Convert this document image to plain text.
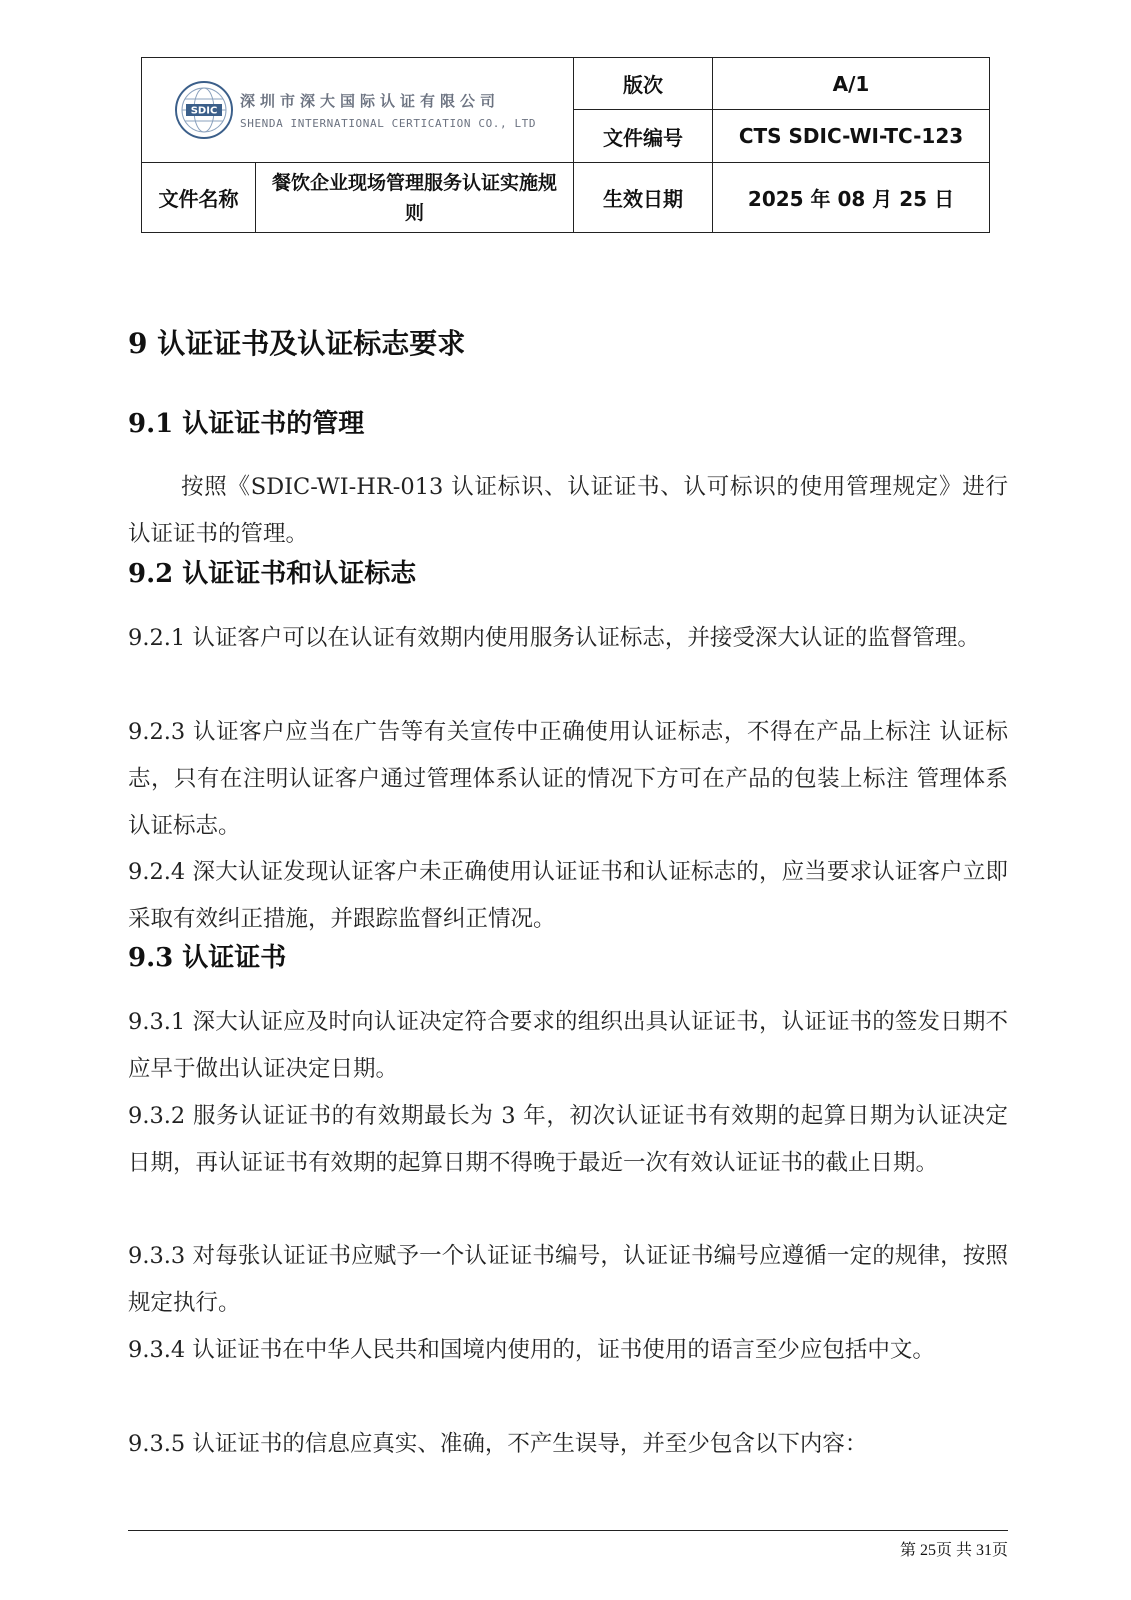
SDIC
深圳市深大国际认证有限公司
SHENDA INTERNATIONAL CERTICATION CO., LTD		版次	A/1
		文件编号	CTS SDIC-WI-TC-123
文件名称	餐饮企业现场管理服务认证实施规则	生效日期	2025 年 08 月 25 日
9 认证证书及认证标志要求
9.1 认证证书的管理

按照《SDIC-WI-HR-013 认证标识、认证证书、认可标识的使用管理规定》进行认证证书的管理。

9.2 认证证书和认证标志

9.2.1 认证客户可以在认证有效期内使用服务认证标志，并接受深大认证的监督管理。

9.2.3 认证客户应当在广告等有关宣传中正确使用认证标志，不得在产品上标注 认证标志，只有在注明认证客户通过管理体系认证的情况下方可在产品的包装上标注 管理体系认证标志。

9.2.4 深大认证发现认证客户未正确使用认证证书和认证标志的，应当要求认证客户立即采取有效纠正措施，并跟踪监督纠正情况。

9.3 认证证书

9.3.1 深大认证应及时向认证决定符合要求的组织出具认证证书，认证证书的签发日期不应早于做出认证决定日期。

9.3.2 服务认证证书的有效期最长为 3 年，初次认证证书有效期的起算日期为认证决定日期，再认证证书有效期的起算日期不得晚于最近一次有效认证证书的截止日期。

9.3.3 对每张认证证书应赋予一个认证证书编号，认证证书编号应遵循一定的规律，按照规定执行。

9.3.4 认证证书在中华人民共和国境内使用的，证书使用的语言至少应包括中文。

9.3.5 认证证书的信息应真实、准确，不产生误导，并至少包含以下内容：

第 25页 共 31页
